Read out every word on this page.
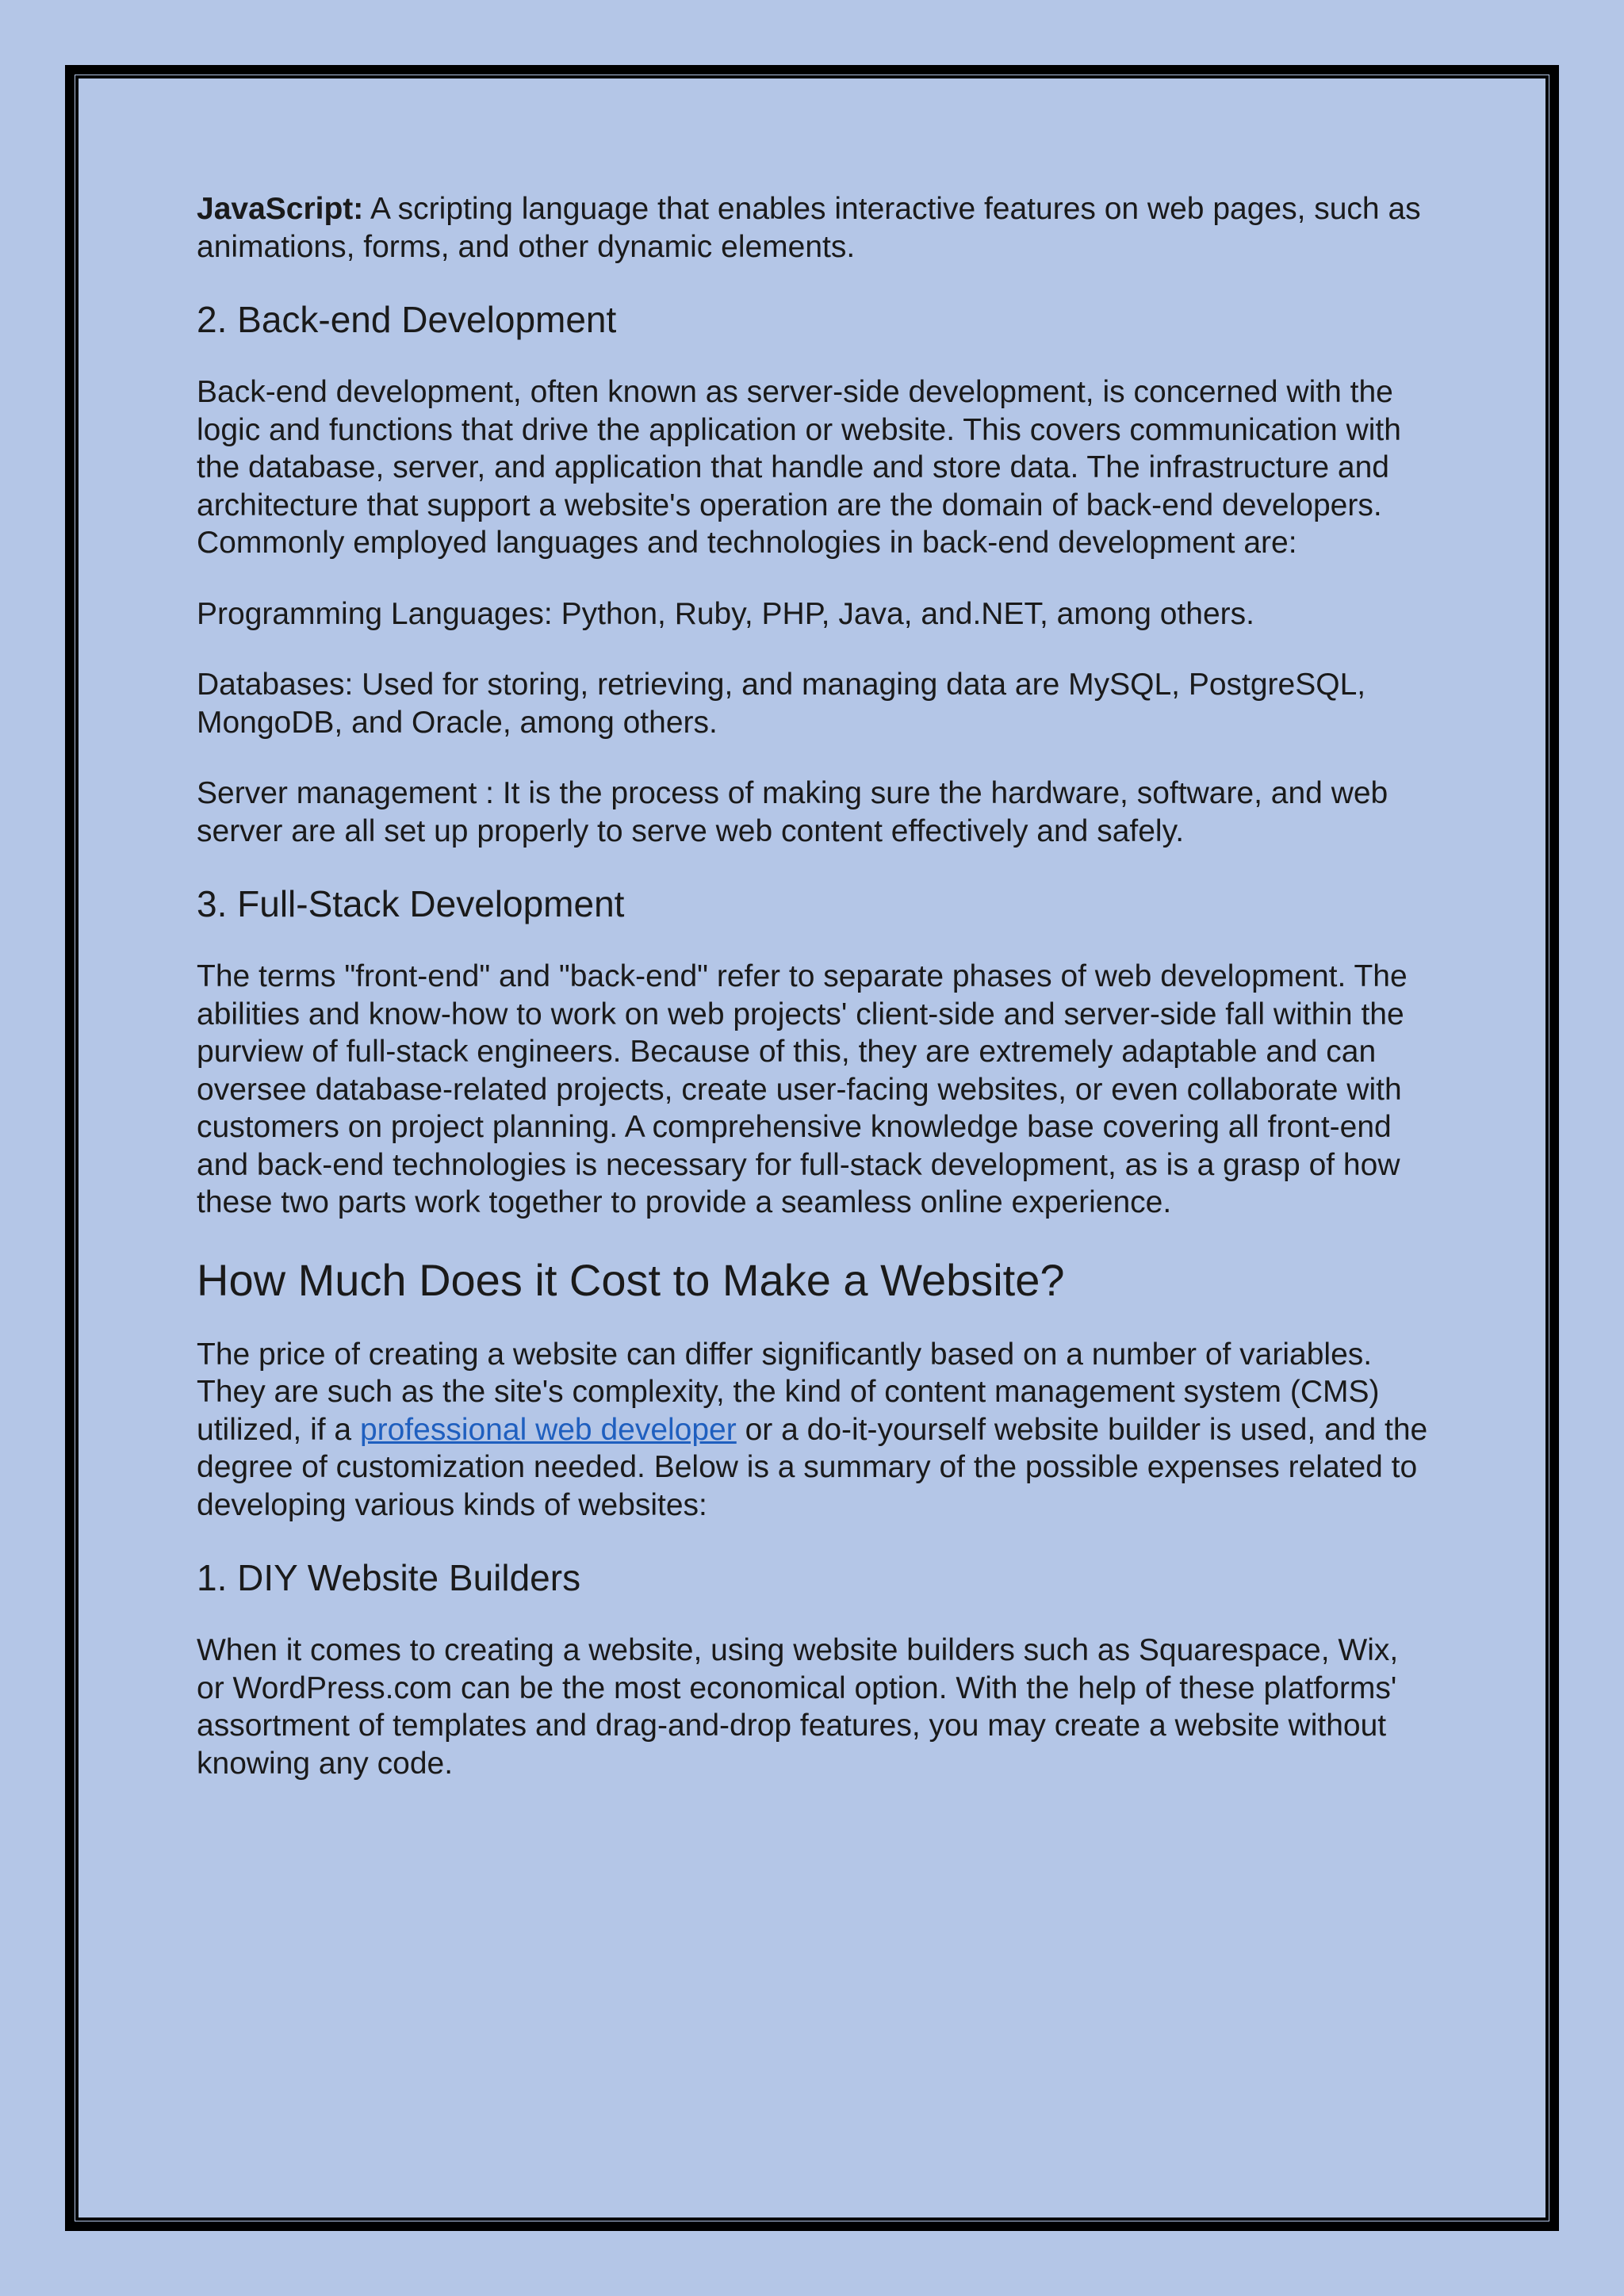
JavaScript: A scripting language that enables interactive features on web pages, such as animations, forms, and other dynamic elements.

2. Back-end Development

Back-end development, often known as server-side development, is concerned with the logic and functions that drive the application or website. This covers communication with the database, server, and application that handle and store data. The infrastructure and architecture that support a website's operation are the domain of back-end developers. Commonly employed languages and technologies in back-end development are:

Programming Languages: Python, Ruby, PHP, Java, and.NET, among others.

Databases: Used for storing, retrieving, and managing data are MySQL, PostgreSQL, MongoDB, and Oracle, among others.

Server management : It is the process of making sure the hardware, software, and web server are all set up properly to serve web content effectively and safely.

3. Full-Stack Development

The terms "front-end" and "back-end" refer to separate phases of web development. The abilities and know-how to work on web projects' client-side and server-side fall within the purview of full-stack engineers. Because of this, they are extremely adaptable and can oversee database-related projects, create user-facing websites, or even collaborate with customers on project planning. A comprehensive knowledge base covering all front-end and back-end technologies is necessary for full-stack development, as is a grasp of how these two parts work together to provide a seamless online experience.

How Much Does it Cost to Make a Website?

The price of creating a website can differ significantly based on a number of variables. They are such as the site's complexity, the kind of content management system (CMS) utilized, if a professional web developer or a do-it-yourself website builder is used, and the degree of customization needed. Below is a summary of the possible expenses related to developing various kinds of websites:

1. DIY Website Builders

When it comes to creating a website, using website builders such as Squarespace, Wix, or WordPress.com can be the most economical option. With the help of these platforms' assortment of templates and drag-and-drop features, you may create a website without knowing any code.
